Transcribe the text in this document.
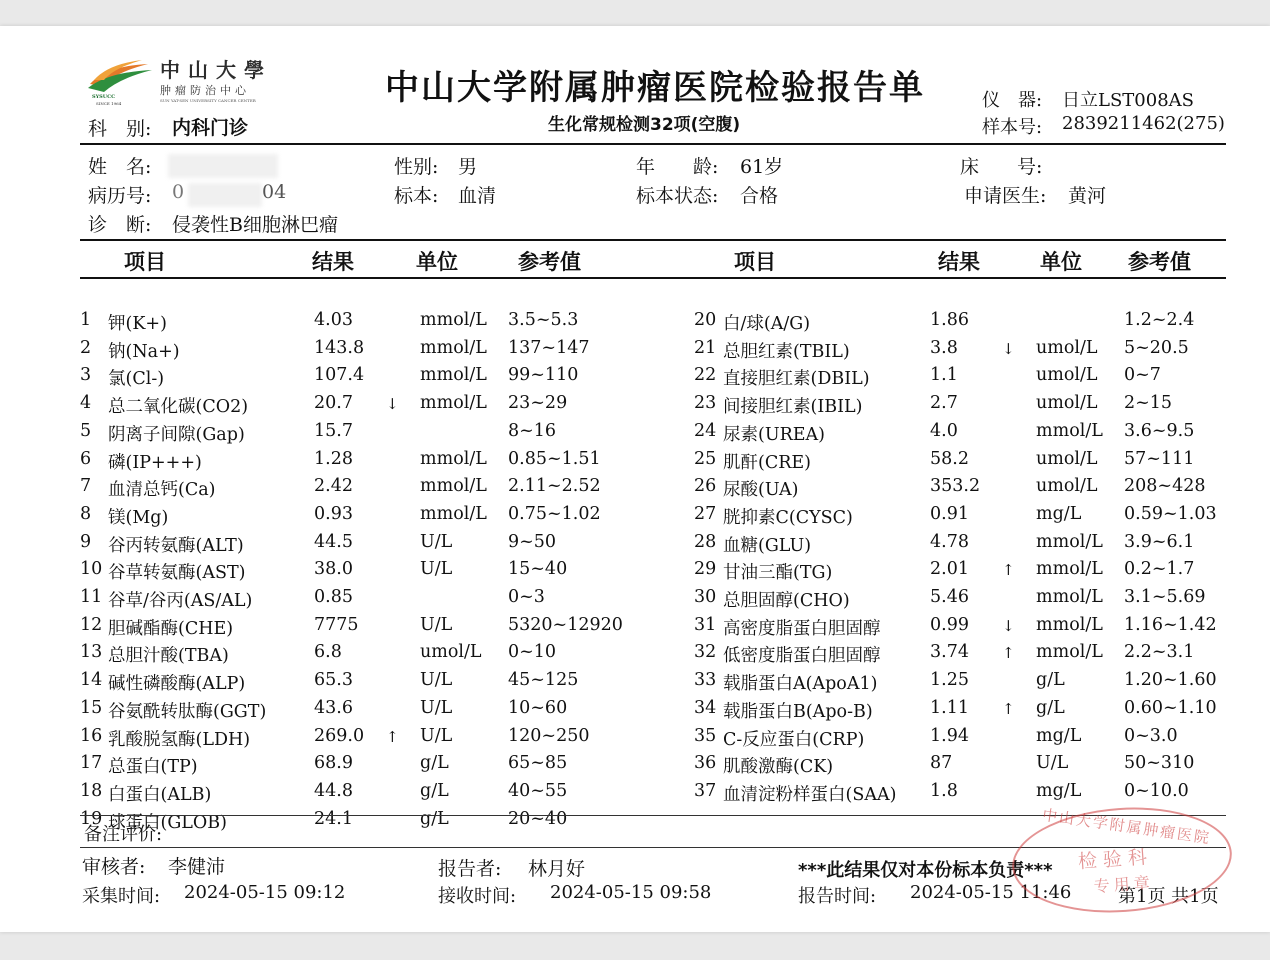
SYSUCC
SINCE 1964
中山大學
肿瘤防治中心
SUN YAT-SEN UNIVERSITY CANCER CENTER	中山大学附属肿瘤医院检验报告单
生化常规检测32项(空腹)
仪　器: 日立LST008AS
样本号: 2839211462(275)
科　别: 内科门诊
姓　名:	性别: 男	年　　龄: 61岁	床　　号:
病历号: 0	04	标本: 血清	标本状态: 合格	申请医生: 黄河
诊　断: 侵袭性B细胞淋巴瘤
项目	结果	单位	参考值	项目	结果	单位 参考值
1 钾(K+)	4.03	mmol/L 3.5~5.3
2 钠(Na+)	143.8	mmol/L 137~147
3 氯(Cl-)	107.4	mmol/L 99~110
4 总二氧化碳(CO2)	20.7 ↓ mmol/L 23~29
5 阴离子间隙(Gap)	15.7	8~16
6 磷(IP+++)	1.28	mmol/L 0.85~1.51
7 血清总钙(Ca)	2.42	mmol/L 2.11~2.52
8 镁(Mg)	0.93	mmol/L 0.75~1.02
9 谷丙转氨酶(ALT)	44.5	U/L	9~50
10 谷草转氨酶(AST)	38.0	U/L	15~40
11 谷草/谷丙(AS/AL)	0.85	0~3
12 胆碱酯酶(CHE)	7775	U/L	5320~12920
13 总胆汁酸(TBA)	6.8	umol/L 0~10
14 碱性磷酸酶(ALP)	65.3	U/L	45~125
15 谷氨酰转肽酶(GGT)	43.6	U/L	10~60
16 乳酸脱氢酶(LDH)	269.0 ↑ U/L	120~250
17 总蛋白(TP)	68.9	g/L	65~85
18 白蛋白(ALB)	44.8	g/L	40~55
19 球蛋白(GLOB)	24.1	g/L	20~40
20 白/球(A/G)	1.86	1.2~2.4
21 总胆红素(TBIL)	3.8	↓ umol/L 5~20.5
22 直接胆红素(DBIL)	1.1	umol/L 0~7
23 间接胆红素(IBIL)	2.7	umol/L 2~15
24 尿素(UREA)	4.0	mmol/L 3.6~9.5
25 肌酐(CRE)	58.2	umol/L 57~111
26 尿酸(UA)	353.2	umol/L 208~428
27 胱抑素C(CYSC)	0.91	mg/L 0.59~1.03
28 血糖(GLU)	4.78	mmol/L 3.9~6.1
29 甘油三酯(TG)	2.01 ↑ mmol/L 0.2~1.7
30 总胆固醇(CHO)	5.46	mmol/L 3.1~5.69
31 高密度脂蛋白胆固醇	0.99 ↓ mmol/L 1.16~1.42
32 低密度脂蛋白胆固醇	3.74 ↑ mmol/L 2.2~3.1
33 载脂蛋白A(ApoA1)	1.25	g/L	1.20~1.60
34 载脂蛋白B(Apo-B)	1.11 ↑ g/L	0.60~1.10
35 C-反应蛋白(CRP)	1.94	mg/L 0~3.0
36 肌酸激酶(CK)	87	U/L	50~310
37 血清淀粉样蛋白(SAA) 1.8	mg/L 0~10.0
备注评价:
审核者: 李健沛	报告者: 林月好	***此结果仅对本份标本负责***
采集时间: 2024-05-15 09:12	接收时间: 2024-05-15 09:58	报告时间: 2024-05-15 11:46	第1页 共1页
中山大学附属肿瘤医院
检验科
专用章
